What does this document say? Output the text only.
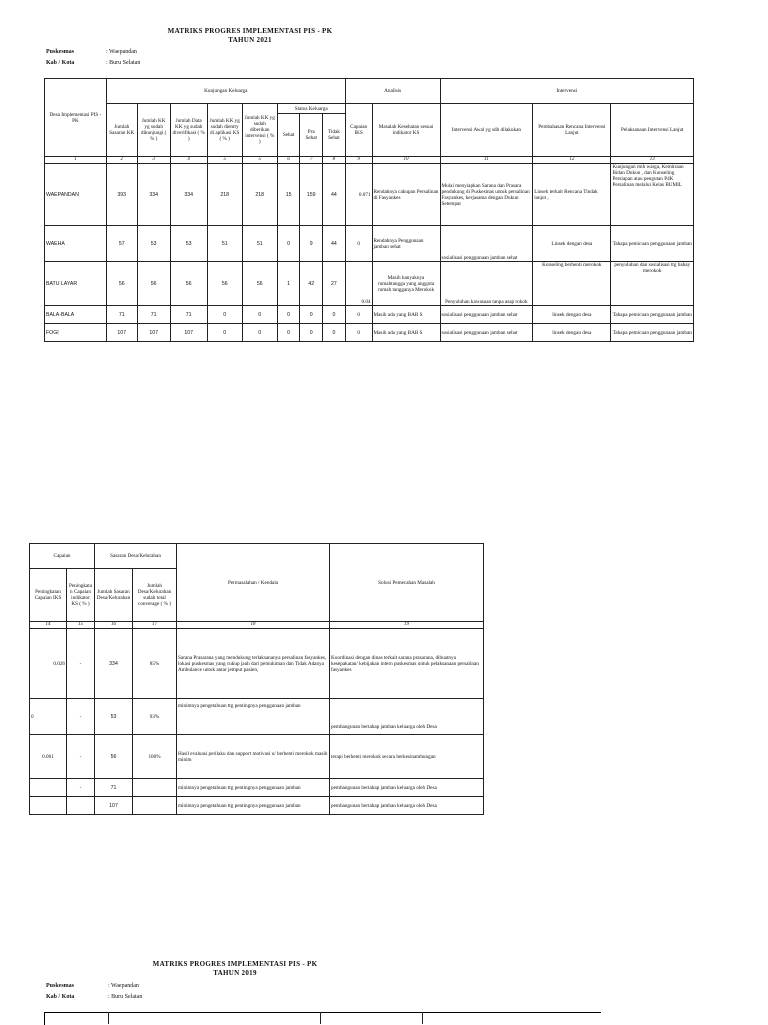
MATRIKS PROGRES IMPLEMENTASI PIS - PK
TAHUN 2021
Puskesmas	: Waepandan
Kab / Kota	: Buru Selatan
Desa Implementasi PIS - PK	Kunjungan Keluarga								Analisis		Intervensi		
	Jumlah Sasaran KK	Jumlah KK yg sudah dikunjungi ( % )	Jumlah Data KK yg sudah diverifikasi ( % )	Jumlah KK yg sudah dientry di aplikasi KS ( % )	Jumlah KK yg sudah diberikan intervensi ( % )	Status Keluarga			Capaian IKS	Masalah Kesehatan sesuai indikator KS	Intervensi Awal yg sdh dilakukan	Pembahasan Rencana Intervensi Lanjut	Pelaksanaan Intervensi Lanjut
						Sehat	Pra Sehat	Tidak Sehat					
1	2	3	4	5	5	6	7	8	9	10	11	12	13
WAEPANDAN	393	334	334	218	218	15	159	44	0.071	Rendahnya cakupan Persalinan di Fasyankes	Mulai menyiapkan Sarana dan Prasara pendukung di Puskesmas untuk persalinan Fasyankes, kerjasama dengan Dukun Setempat	Linsek terkait Rencana Tindak lanjut ,	Kunjungan rmh warga, Kemitraan Bidan Dukun , dan Konseling Persiapan atau pengutan P4K Persalinan melalui Kelas BUMIL
WAEHA	57	53	53	51	51	0	9	44	0	Rendahnya Penggunaan jamban sehat	sosialisasi penggunaan jamban sehat	Linsek dengan desa	Tahapa pemicuan penggunaan jamban
BATU LAYAR	56	56	56	56	56	1	42	27	0.04	Masih banyaknya rumahtangga yang anggota rumah tangganya Merokok	Penyuluhan kawasaan tanpa asap rokok	Konseling berhenti merokok	penyuluhan dan sosialisasi ttg bahay merokok
BALA-BALA	71	71	71	0	0	0	0	0	0	Masih ada yang BAB S	sosialisasi penggunaan jamban sehat	linsek dengan desa	Tahapa pemicuan penggunaan jamban
FOGI	107	107	107	0	0	0	0	0	0	Masih ada yang BAB S	sosialisasi penggunaan jamban sehat	linsek dengan desa	Tahapa pemicuan penggunaan jamban
Capaian		Sasaran Desa/Kelurahan		Permasalahan / Kendala	Solusi Pemecahan Masalah
Peningkatan Capaian IKS	Peningkatan Capaian indikator KS ( % )	Jumlah Sasaran Desa/Kelurahan	Jumlah Desa/Kelurahan sudah total converage ( % )		
14	15	16	17	18	19
0.026	-	334	85%	Sarana Prasarana yang mendukung terlaksananya persalinan fasyankes, lokasi puskesmas yang cukup jauh dari pemukiman dan Tidak Adanya Ambulance untuk antar jemput pasien,	Koordinasi dengan dinas terkait sarana prasarana, dibuatnya kesepakatan/ kebijakan intern puskesmas untuk pelaksanaan persalinan fasyankes
0	-	53	93%	minimnya pengetahuan ttg pentingnya penggunaan jamban	pembangunan bertahap jamban keluarga oleh Desa
0.001	-	56	100%	Hasil evaluasi perilaku dan support motivasi u/ berhenti merokok masih minim	terapi berhenti merokok secara berkesinambungan
	-	71		minimnya pengetahuan ttg pentingnya penggunaan jamban	pembangunan bertahap jamban keluarga oleh Desa
		107		minimnya pengetahuan ttg pentingnya penggunaan jamban	pembangunan bertahap jamban keluarga oleh Desa
MATRIKS PROGRES IMPLEMENTASI PIS - PK
TAHUN 2019
Puskesmas	: Waepandan
Kab / Kota	: Buru Selatan
